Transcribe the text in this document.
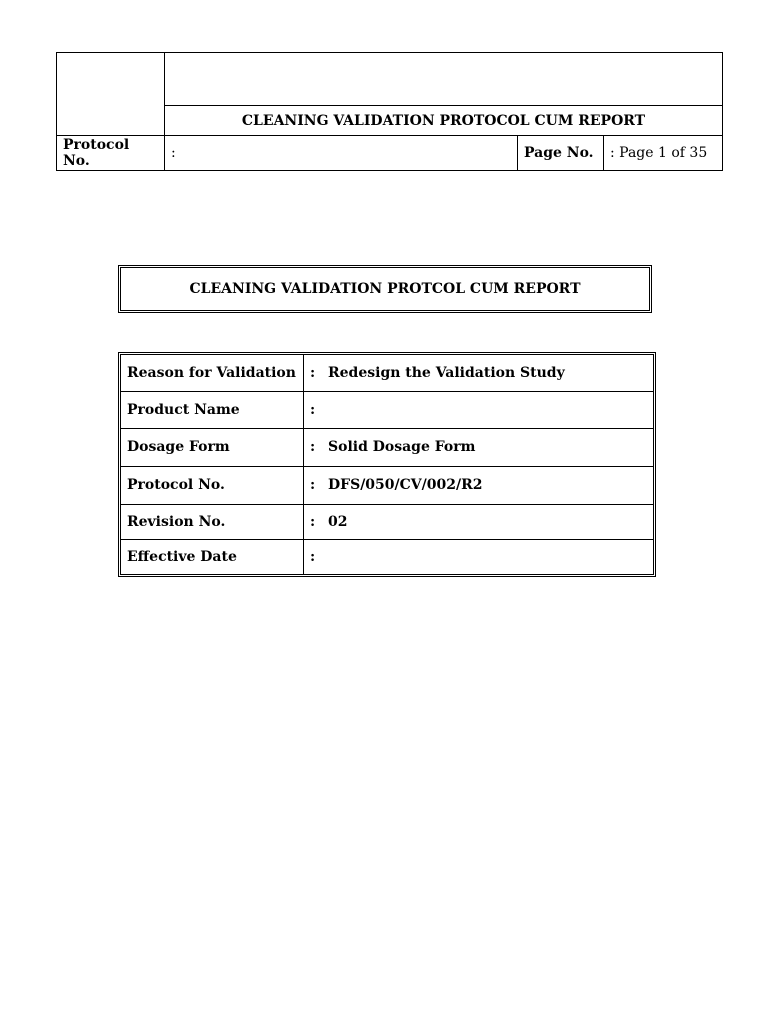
	CLEANING VALIDATION PROTOCOL CUM REPORT		
Protocol No.	:	Page No.	: Page 1 of 35
CLEANING VALIDATION PROTCOL CUM REPORT
Reason for Validation	: Redesign the Validation Study
Product Name	:
Dosage Form	: Solid Dosage Form
Protocol No.	: DFS/050/CV/002/R2
Revision No.	: 02
Effective Date	:
